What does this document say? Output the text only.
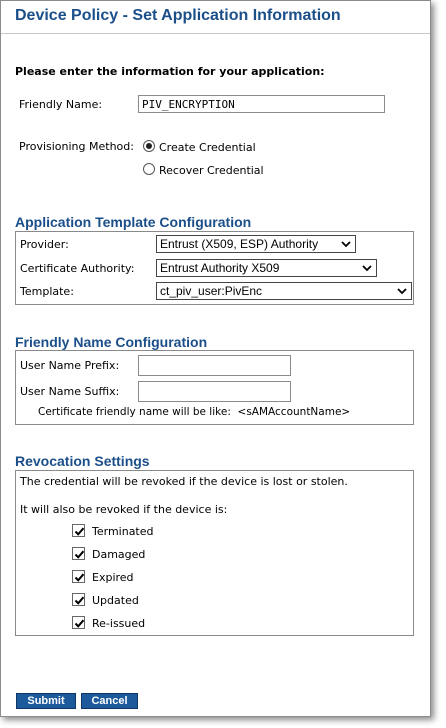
Device Policy - Set Application Information
Please enter the information for your application:
Friendly Name:
PIV_ENCRYPTION
Provisioning Method: Create Credential
Recover Credential
Application Template Configuration
Provider:	Entrust (X509, ESP) Authority
Certificate Authority:	Entrust Authority X509
Template:	ct_piv_user:PivEnc
Friendly Name Configuration
User Name Prefix:
User Name Suffix:
Certificate friendly name will be like:  <sAMAccountName>
Revocation Settings
The credential will be revoked if the device is lost or stolen.
It will also be revoked if the device is:
Terminated
Damaged
Expired
Updated
Re-issued
Submit	Cancel
